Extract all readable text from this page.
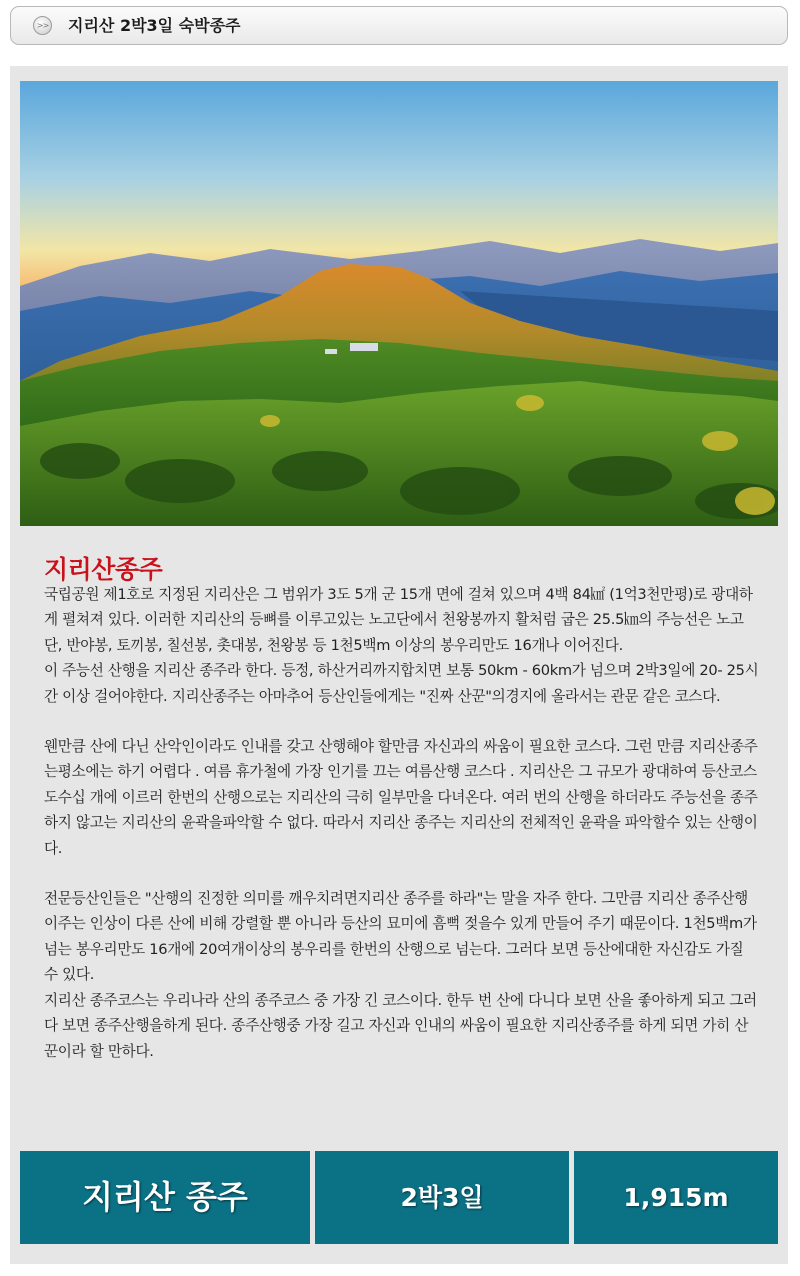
>> 지리산 2박3일 숙박종주
지리산종주

국립공원 제1호로 지정된 지리산은 그 범위가 3도 5개 군 15개 면에 걸쳐 있으며 4백 84㎢ (1억3천만평)로 광대하게 펼쳐져 있다. 이러한 지리산의 등뼈를 이루고있는 노고단에서 천왕봉까지 활처럼 굽은 25.5㎞의 주능선은 노고단, 반야봉, 토끼봉, 칠선봉, 촛대봉, 천왕봉 등 1천5백m 이상의 봉우리만도 16개나 이어진다.

이 주능선 산행을 지리산 종주라 한다. 등정, 하산거리까지합치면 보통 50km - 60km가 넘으며 2박3일에 20- 25시간 이상 걸어야한다. 지리산종주는 아마추어 등산인들에게는 "진짜 산꾼"의경지에 올라서는 관문 같은 코스다.

웬만큼 산에 다닌 산악인이라도 인내를 갖고 산행해야 할만큼 자신과의 싸움이 필요한 코스다. 그런 만큼 지리산종주는평소에는 하기 어렵다 . 여름 휴가철에 가장 인기를 끄는 여름산행 코스다 . 지리산은 그 규모가 광대하여 등산코스도수십 개에 이르러 한번의 산행으로는 지리산의 극히 일부만을 다녀온다. 여러 번의 산행을 하더라도 주능선을 종주하지 않고는 지리산의 윤곽을파악할 수 없다. 따라서 지리산 종주는 지리산의 전체적인 윤곽을 파악할수 있는 산행이다.

전문등산인들은 "산행의 진정한 의미를 깨우치려면지리산 종주를 하라"는 말을 자주 한다. 그만큼 지리산 종주산행이주는 인상이 다른 산에 비해 강렬할 뿐 아니라 등산의 묘미에 흠뻑 젖을수 있게 만들어 주기 때문이다. 1천5백m가 넘는 봉우리만도 16개에 20여개이상의 봉우리를 한번의 산행으로 넘는다. 그러다 보면 등산에대한 자신감도 가질 수 있다.

지리산 종주코스는 우리나라 산의 종주코스 중 가장 긴 코스이다. 한두 번 산에 다니다 보면 산을 좋아하게 되고 그러다 보면 종주산행을하게 된다. 종주산행중 가장 길고 자신과 인내의 싸움이 필요한 지리산종주를 하게 되면 가히 산꾼이라 할 만하다.

지리산 종주	2박3일	1,915m
